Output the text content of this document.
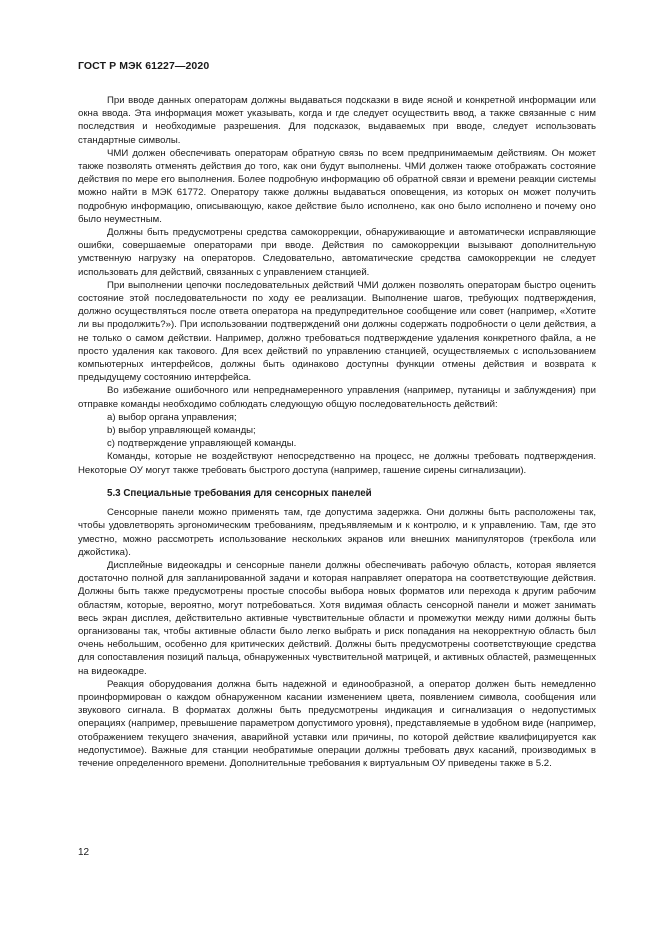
ГОСТ Р МЭК 61227—2020

При вводе данных операторам должны выдаваться подсказки в виде ясной и конкретной информации или окна ввода. Эта информация может указывать, когда и где следует осуществить ввод, а также связанные с ним последствия и необходимые разрешения. Для подсказок, выдаваемых при вводе, следует использовать стандартные символы.

ЧМИ должен обеспечивать операторам обратную связь по всем предпринимаемым действиям. Он может также позволять отменять действия до того, как они будут выполнены. ЧМИ должен также отображать состояние действия по мере его выполнения. Более подробную информацию об обратной связи и времени реакции системы можно найти в МЭК 61772. Оператору также должны выдаваться оповещения, из которых он может получить подробную информацию, описывающую, какое действие было исполнено, как оно было исполнено и почему оно было неуместным.

Должны быть предусмотрены средства самокоррекции, обнаруживающие и автоматически исправляющие ошибки, совершаемые операторами при вводе. Действия по самокоррекции вызывают дополнительную умственную нагрузку на операторов. Следовательно, автоматические средства самокоррекции не следует использовать для действий, связанных с управлением станцией.

При выполнении цепочки последовательных действий ЧМИ должен позволять операторам быстро оценить состояние этой последовательности по ходу ее реализации. Выполнение шагов, требующих подтверждения, должно осуществляться после ответа оператора на предупредительное сообщение или совет (например, «Хотите ли вы продолжить?»). При использовании подтверждений они должны содержать подробности о цели действия, а не только о самом действии. Например, должно требоваться подтверждение удаления конкретного файла, а не просто удаления как такового. Для всех действий по управлению станцией, осуществляемых с использованием компьютерных интерфейсов, должны быть одинаково доступны функции отмены действия и возврата к предыдущему состоянию интерфейса.

Во избежание ошибочного или непреднамеренного управления (например, путаницы и заблуждения) при отправке команды необходимо соблюдать следующую общую последовательность действий:

a) выбор органа управления;

b) выбор управляющей команды;

c) подтверждение управляющей команды.

Команды, которые не воздействуют непосредственно на процесс, не должны требовать подтверждения. Некоторые ОУ могут также требовать быстрого доступа (например, гашение сирены сигнализации).

5.3 Специальные требования для сенсорных панелей

Сенсорные панели можно применять там, где допустима задержка. Они должны быть расположены так, чтобы удовлетворять эргономическим требованиям, предъявляемым и к контролю, и к управлению. Там, где это уместно, можно рассмотреть использование нескольких экранов или внешних манипуляторов (трекбола или джойстика).

Дисплейные видеокадры и сенсорные панели должны обеспечивать рабочую область, которая является достаточно полной для запланированной задачи и которая направляет оператора на соответствующие действия. Должны быть также предусмотрены простые способы выбора новых форматов или перехода к другим рабочим областям, которые, вероятно, могут потребоваться. Хотя видимая область сенсорной панели и может занимать весь экран дисплея, действительно активные чувствительные области и промежутки между ними должны быть организованы так, чтобы активные области было легко выбрать и риск попадания на некорректную область был очень небольшим, особенно для критических действий. Должны быть предусмотрены соответствующие средства для сопоставления позиций пальца, обнаруженных чувствительной матрицей, и активных областей, размещенных на видеокадре.

Реакция оборудования должна быть надежной и единообразной, а оператор должен быть немедленно проинформирован о каждом обнаруженном касании изменением цвета, появлением символа, сообщения или звукового сигнала. В форматах должны быть предусмотрены индикация и сигнализация о недопустимых операциях (например, превышение параметром допустимого уровня), представляемые в удобном виде (например, отображением текущего значения, аварийной уставки или причины, по которой действие квалифицируется как недопустимое). Важные для станции необратимые операции должны требовать двух касаний, производимых в течение определенного времени. Дополнительные требования к виртуальным ОУ приведены также в 5.2.

12
